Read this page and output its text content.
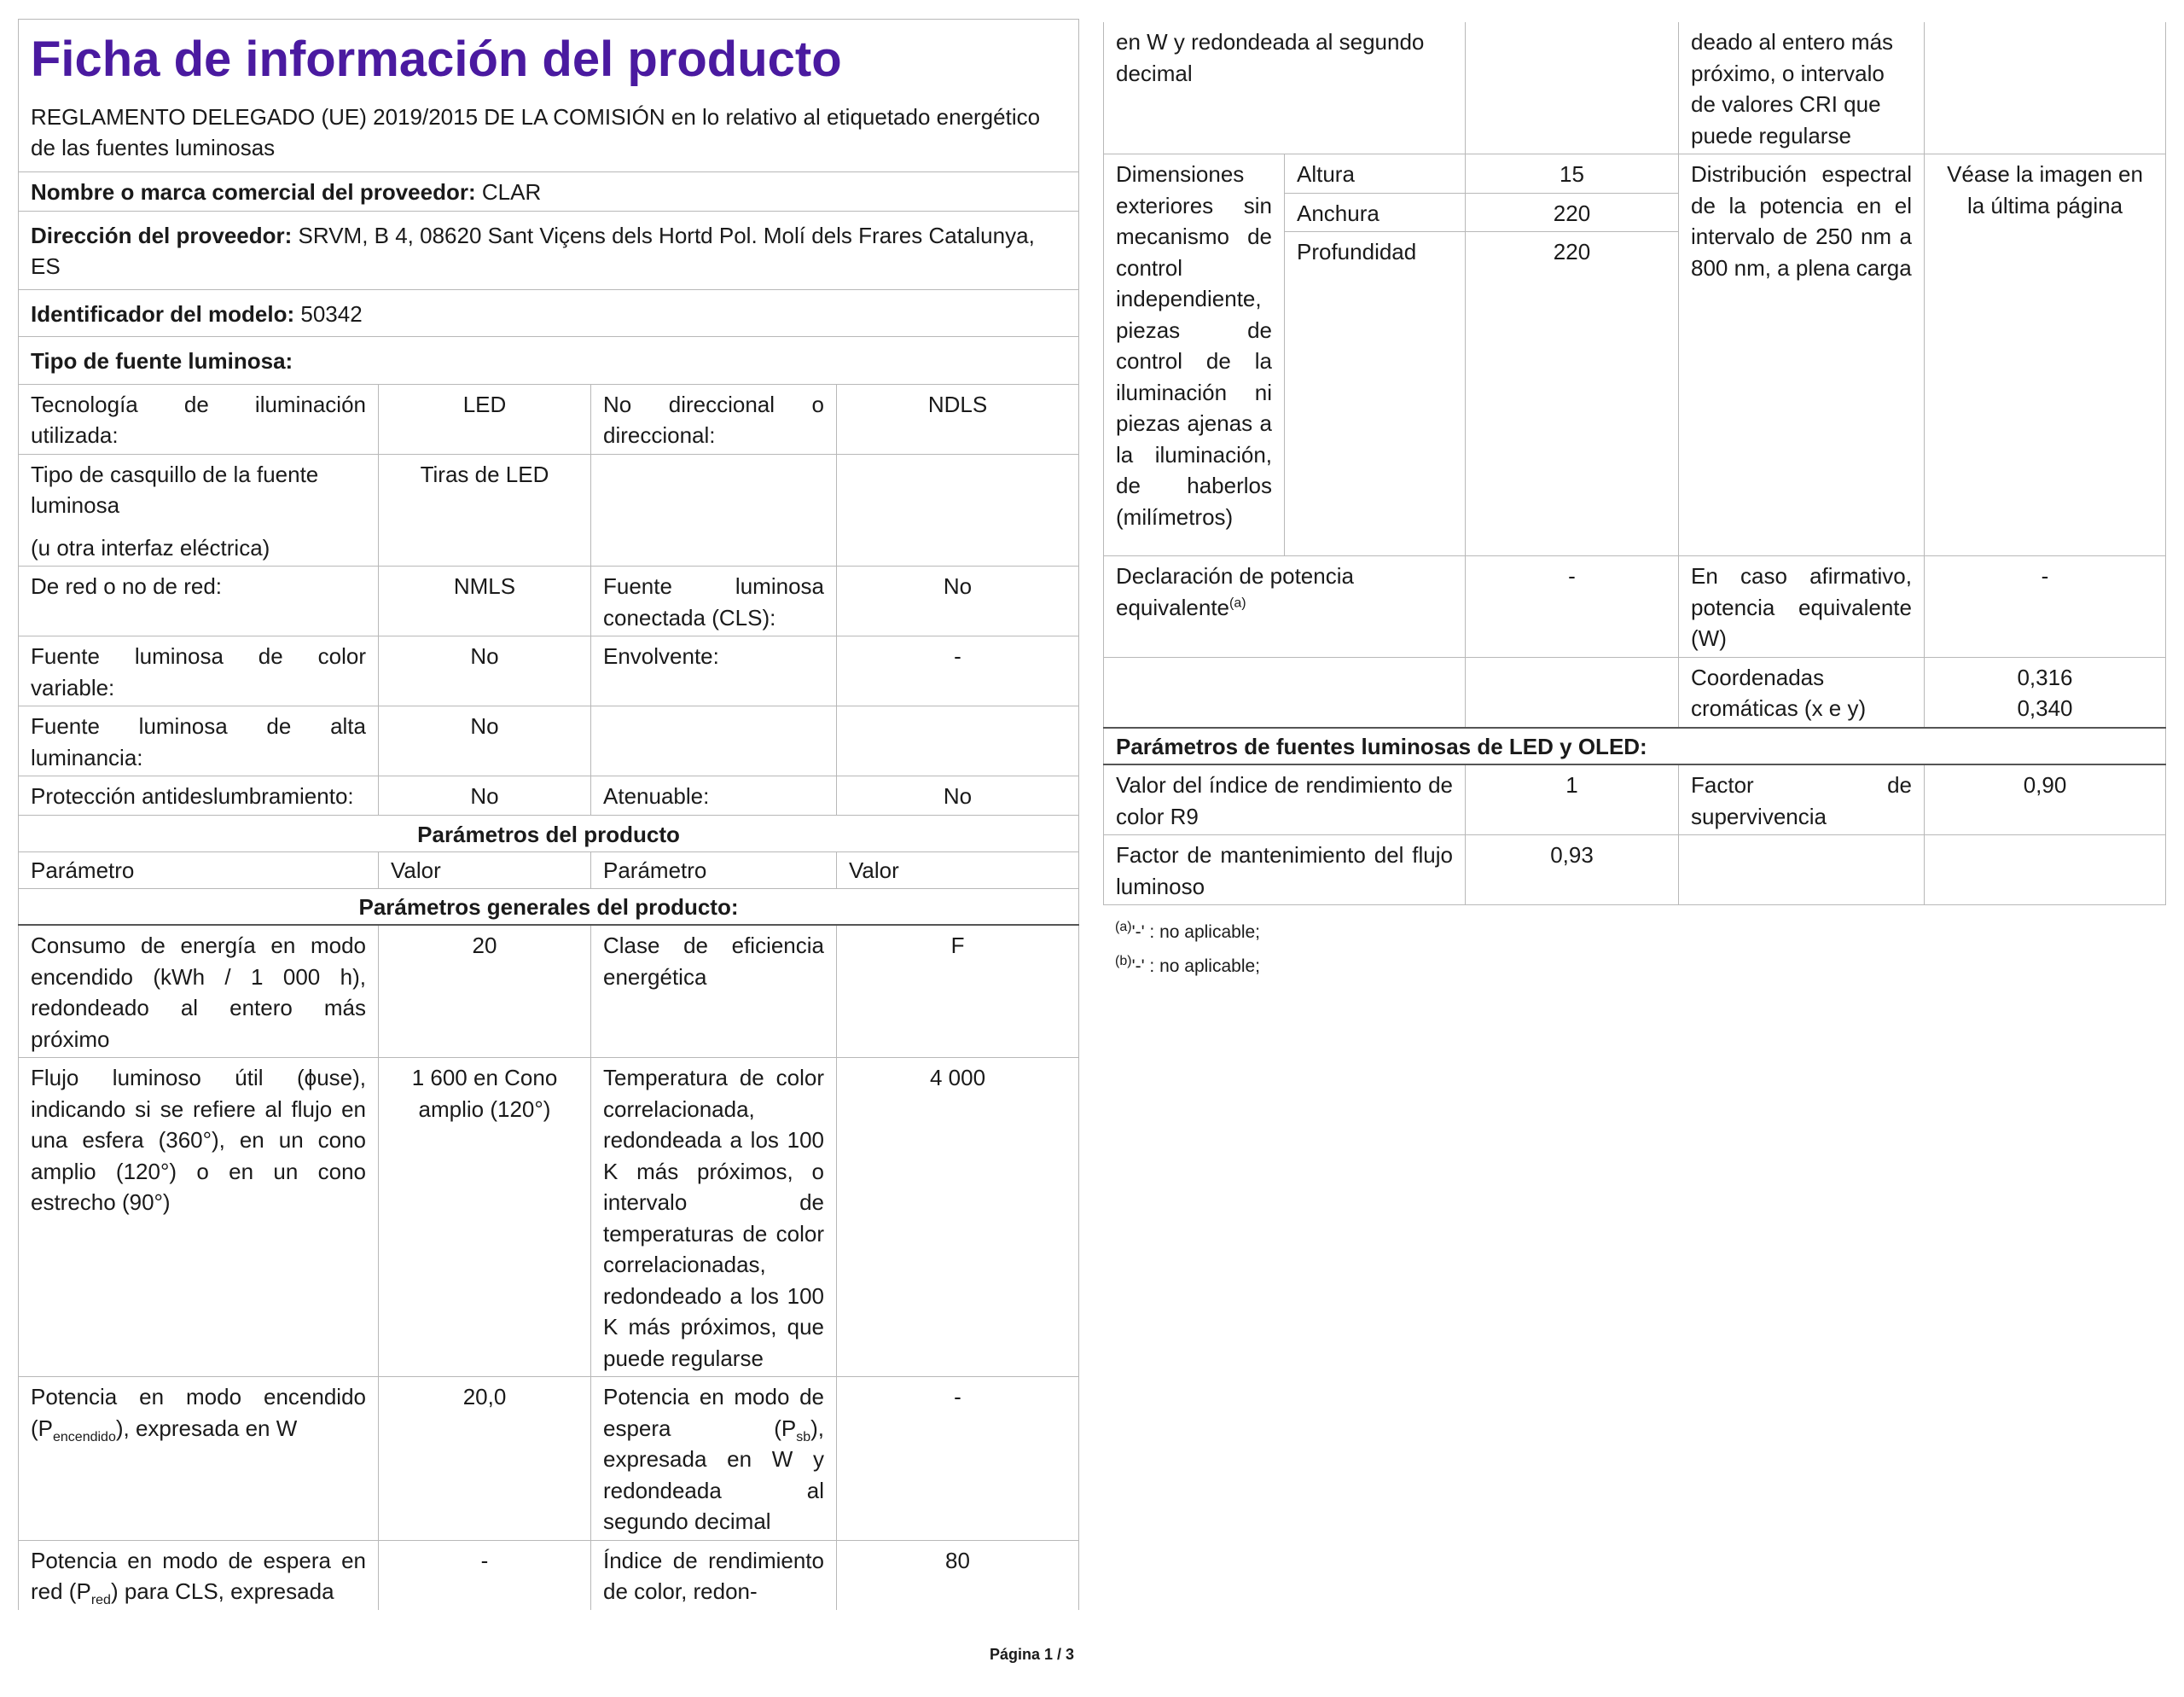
Ficha de información del producto
REGLAMENTO DELEGADO (UE) 2019/2015 DE LA COMISIÓN en lo relativo al etiquetado energético de las fuentes luminosas			

Nombre o marca comercial del proveedor: CLAR			
Dirección del proveedor: SRVM, B 4, 08620 Sant Viçens dels Hortd Pol. Molí dels Frares Catalunya, ES			
Identificador del modelo: 50342			
Tipo de fuente luminosa:			
Tecnología de iluminación utilizada:	LED	No direccional o direccional:	NDLS

Tipo de casquillo de la fuente luminosa
(u otra interfaz eléctrica)	Tiras de LED		
De red o no de red:	NMLS	Fuente luminosa conectada (CLS):	No
Fuente luminosa de color variable:	No	Envolvente:	-
Fuente luminosa de alta luminancia:	No		
Protección antideslumbramiento:	No	Atenuable:	No
Parámetros del producto			
Parámetro	Valor	Parámetro	Valor
Parámetros generales del producto:			
Consumo de energía en modo encendido (kWh / 1 000 h), redondeado al entero más próximo	20	Clase de eficiencia energética	F
Flujo luminoso útil (ϕuse), indicando si se refiere al flujo en una esfera (360°), en un cono amplio (120°) o en un cono estrecho (90°)	1 600 en Cono amplio (120°)	Temperatura de color correlacionada, redondeada a los 100 K más próximos, o intervalo de temperaturas de color correlacionadas, redondeado a los 100 K más próximos, que puede regularse	4 000
Potencia en modo encendido $(P_{encendido})$, expresada en W	20,0	Potencia en modo de espera $(P_{sb})$, expresada en W y redondeada al segundo decimal	-
Potencia en modo de espera en red $(P_{red})$ para CLS, expresada	-	Índice de rendimiento de color, redon-	80
en W y redondeada al segundo decimal			deado al entero más próximo, o intervalo de valores CRI que puede regularse	
Dimensiones exteriores sin mecanismo de control independiente, piezas de control de la iluminación ni piezas ajenas a la iluminación, de haberlos (milímetros)	Altura	15	Distribución espectral de la potencia en el intervalo de 250 nm a 800 nm, a plena carga	Véase la imagen en la última página
	Anchura	220		
	Profundidad	220		
Declaración de potencia equivalente$^{(a)}$		-	En caso afirmativo, potencia equivalente (W)	-
			Coordenadas cromáticas (x e y)	0,316
0,340

Parámetros de fuentes luminosas de LED y OLED:				
Valor del índice de rendimiento de color R9		1	Factor de supervivencia	0,90
Factor de mantenimiento del flujo luminoso		0,93		
$^{(a)}$'-' : no aplicable;
$^{(b)}$'-' : no aplicable;
Página 1 / 3
